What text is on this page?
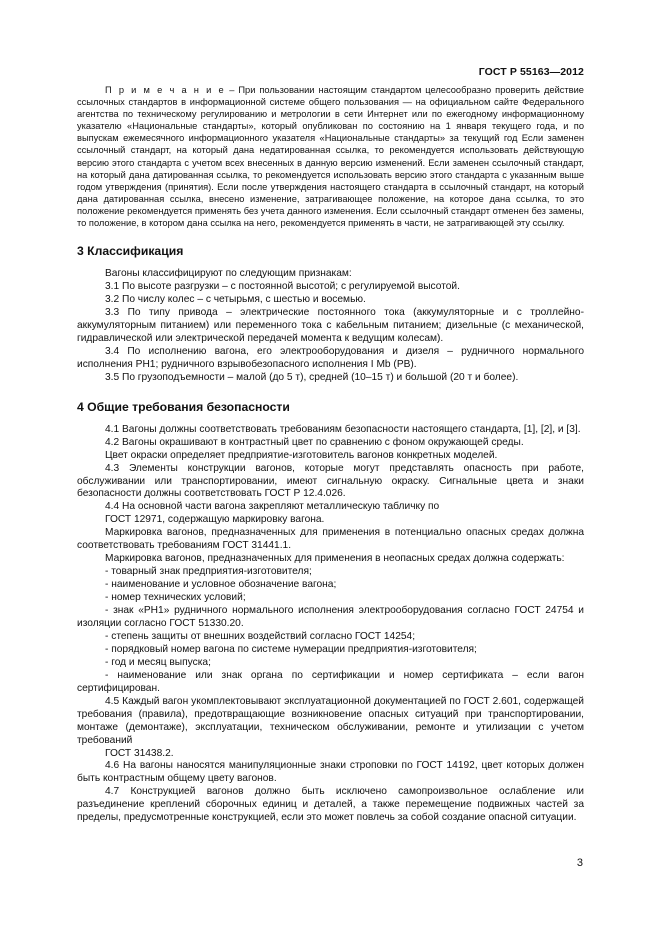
ГОСТ Р 55163—2012

П р и м е ч а н и е – При пользовании настоящим стандартом целесообразно проверить действие ссылочных стандартов в информационной системе общего пользования — на официальном сайте Федерального агентства по техническому регулированию и метрологии в сети Интернет или по ежегодному информационному указателю «Национальные стандарты», который опубликован по состоянию на 1 января текущего года, и по выпускам ежемесячного информационного указателя «Национальные стандарты» за текущий год Если заменен ссылочный стандарт, на который дана недатированная ссылка, то рекомендуется использовать действующую версию этого стандарта с учетом всех внесенных в данную версию изменений. Если заменен ссылочный стандарт, на который дана датированная ссылка, то рекомендуется использовать версию этого стандарта с указанным выше годом утверждения (принятия). Если после утверждения настоящего стандарта в ссылочный стандарт, на который дана датированная ссылка, внесено изменение, затрагивающее положение, на которое дана ссылка, то это положение рекомендуется применять без учета данного изменения. Если ссылочный стандарт отменен без замены, то положение, в котором дана ссылка на него, рекомендуется применять в части, не затрагивающей эту ссылку.

3 Классификация

Вагоны классифицируют по следующим признакам:

3.1 По высоте разгрузки – с постоянной высотой; с регулируемой высотой.

3.2 По числу колес – с четырьмя, с шестью и восемью.

3.3 По типу привода – электрические постоянного тока (аккумуляторные и с троллейно-аккумуляторным питанием) или переменного тока с кабельным питанием; дизельные (с механической, гидравлической или электрической передачей момента к ведущим колесам).

3.4 По исполнению вагона, его электрооборудования и дизеля – рудничного нормального исполнения РН1; рудничного взрывобезопасного исполнения I Mb (PB).

3.5 По грузоподъемности – малой (до 5 т), средней (10–15 т) и большой (20 т и более).

4 Общие требования безопасности

4.1 Вагоны должны соответствовать требованиям безопасности настоящего стандарта, [1], [2], и [3].

4.2 Вагоны окрашивают в контрастный цвет по сравнению с фоном окружающей среды.

Цвет окраски определяет предприятие-изготовитель вагонов конкретных моделей.

4.3 Элементы конструкции вагонов, которые могут представлять опасность при работе, обслуживании или транспортировании, имеют сигнальную окраску. Сигнальные цвета и знаки безопасности должны соответствовать ГОСТ Р 12.4.026.

4.4 На основной части вагона закрепляют металлическую табличку по

ГОСТ 12971, содержащую маркировку вагона.

Маркировка вагонов, предназначенных для применения в потенциально опасных средах должна соответствовать требованиям ГОСТ 31441.1.

Маркировка вагонов, предназначенных для применения в неопасных средах должна содержать:

- товарный знак предприятия-изготовителя;

- наименование и условное обозначение вагона;

- номер технических условий;

- знак «PH1» рудничного нормального исполнения электрооборудования согласно ГОСТ 24754 и изоляции согласно ГОСТ 51330.20.

- степень защиты от внешних воздействий согласно ГОСТ 14254;

- порядковый номер вагона по системе нумерации предприятия-изготовителя;

- год и месяц выпуска;

- наименование или знак органа по сертификации и номер сертификата – если вагон сертифицирован.

4.5 Каждый вагон укомплектовывают эксплуатационной документацией по ГОСТ 2.601, содержащей требования (правила), предотвращающие возникновение опасных ситуаций при транспортировании, монтаже (демонтаже), эксплуатации, техническом обслуживании, ремонте и утилизации с учетом требований

ГОСТ 31438.2.

4.6 На вагоны наносятся манипуляционные знаки строповки по ГОСТ 14192, цвет которых должен быть контрастным общему цвету вагонов.

4.7 Конструкцией вагонов должно быть исключено самопроизвольное ослабление или разъединение креплений сборочных единиц и деталей, а также перемещение подвижных частей за пределы, предусмотренные конструкцией, если это может повлечь за собой создание опасной ситуации.

3
